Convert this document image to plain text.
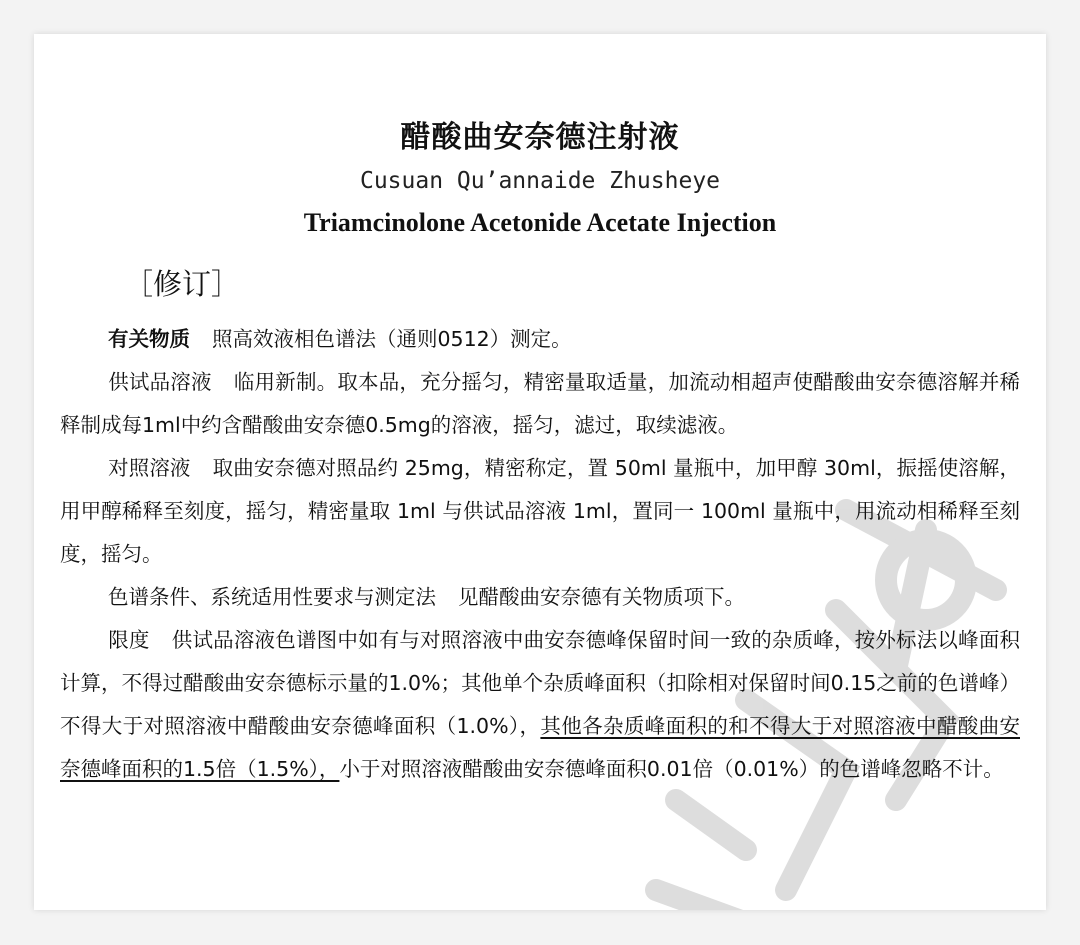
醋酸曲安奈德注射液
Cusuan Qu’annaide Zhusheye
Triamcinolone Acetonide Acetate Injection
［修订］
有关物质 照高效液相色谱法（通则0512）测定。
供试品溶液 临用新制。取本品，充分摇匀，精密量取适量，加流动相超声使醋酸曲安奈德溶解并稀释制成每1ml中约含醋酸曲安奈德0.5mg的溶液，摇匀，滤过，取续滤液。
对照溶液 取曲安奈德对照品约 25mg，精密称定，置 50ml 量瓶中，加甲醇 30ml，振摇使溶解，用甲醇稀释至刻度，摇匀，精密量取 1ml 与供试品溶液 1ml，置同一 100ml 量瓶中，用流动相稀释至刻度，摇匀。
色谱条件、系统适用性要求与测定法 见醋酸曲安奈德有关物质项下。
限度 供试品溶液色谱图中如有与对照溶液中曲安奈德峰保留时间一致的杂质峰，按外标法以峰面积计算，不得过醋酸曲安奈德标示量的1.0%；其他单个杂质峰面积（扣除相对保留时间0.15之前的色谱峰）不得大于对照溶液中醋酸曲安奈德峰面积（1.0%），其他各杂质峰面积的和不得大于对照溶液中醋酸曲安奈德峰面积的1.5倍（1.5%），小于对照溶液醋酸曲安奈德峰面积0.01倍（0.01%）的色谱峰忽略不计。
